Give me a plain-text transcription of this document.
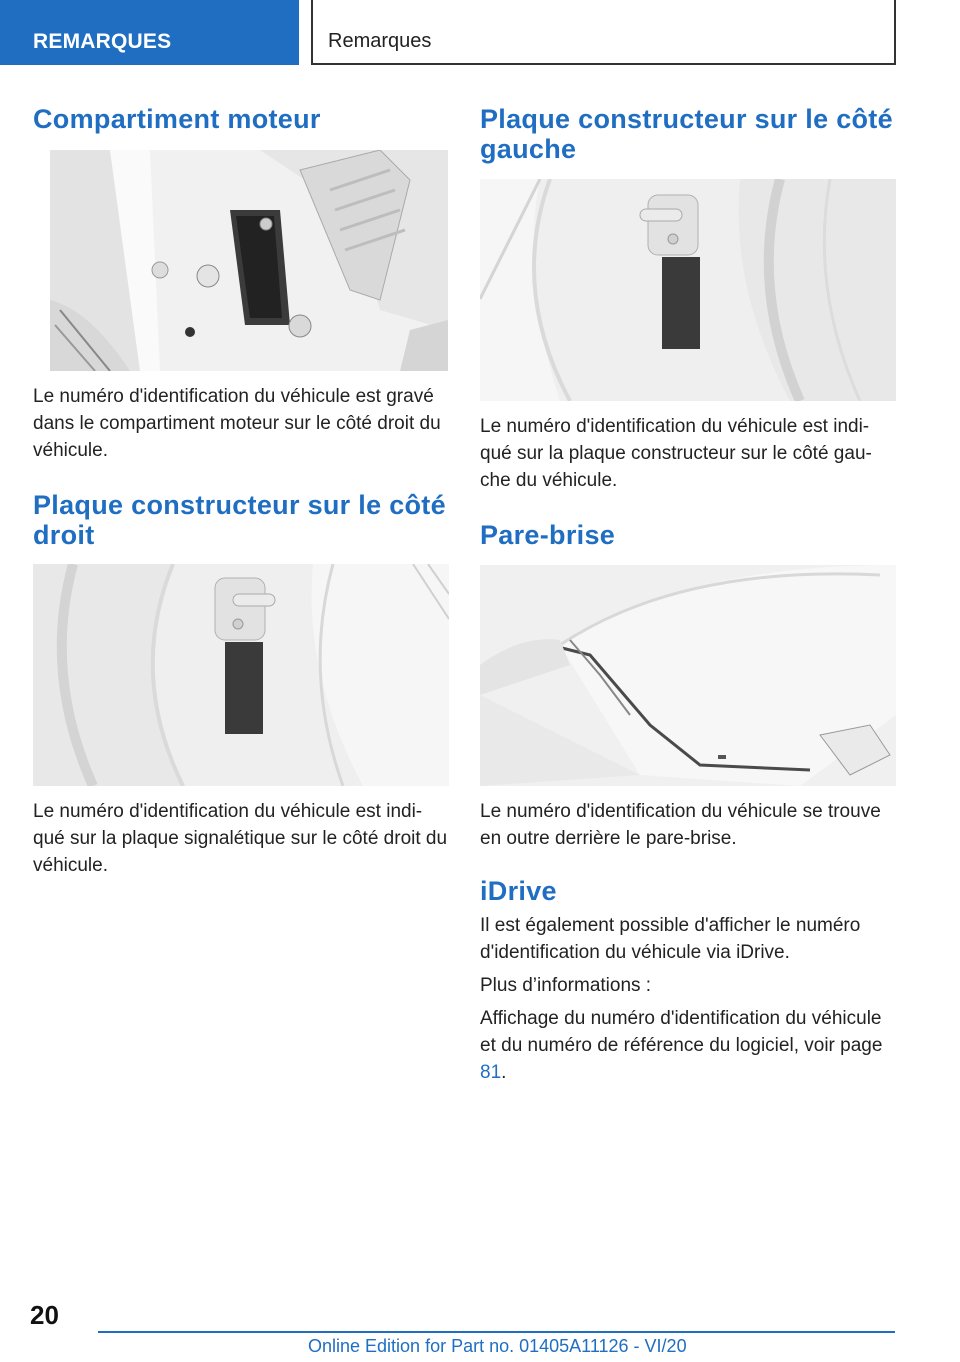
REMARQUES	Remarques
Compartiment moteur

Le numéro d'identification du véhicule est gravé dans le compartiment moteur sur le côté droit du véhicule.

Plaque constructeur sur le côté droit

Le numéro d'identification du véhicule est indi-qué sur la plaque signalétique sur le côté droit du véhicule.

Plaque constructeur sur le côté gauche

Le numéro d'identification du véhicule est indi-qué sur la plaque constructeur sur le côté gau-che du véhicule.

Pare-brise

Le numéro d'identification du véhicule se trouve en outre derrière le pare-brise.

iDrive

Il est également possible d'afficher le numéro d'identification du véhicule via iDrive.

Plus d’informations :

Affichage du numéro d'identification du véhicule et du numéro de référence du logiciel, voir page 81.

20
Online Edition for Part no. 01405A11126 - VI/20
